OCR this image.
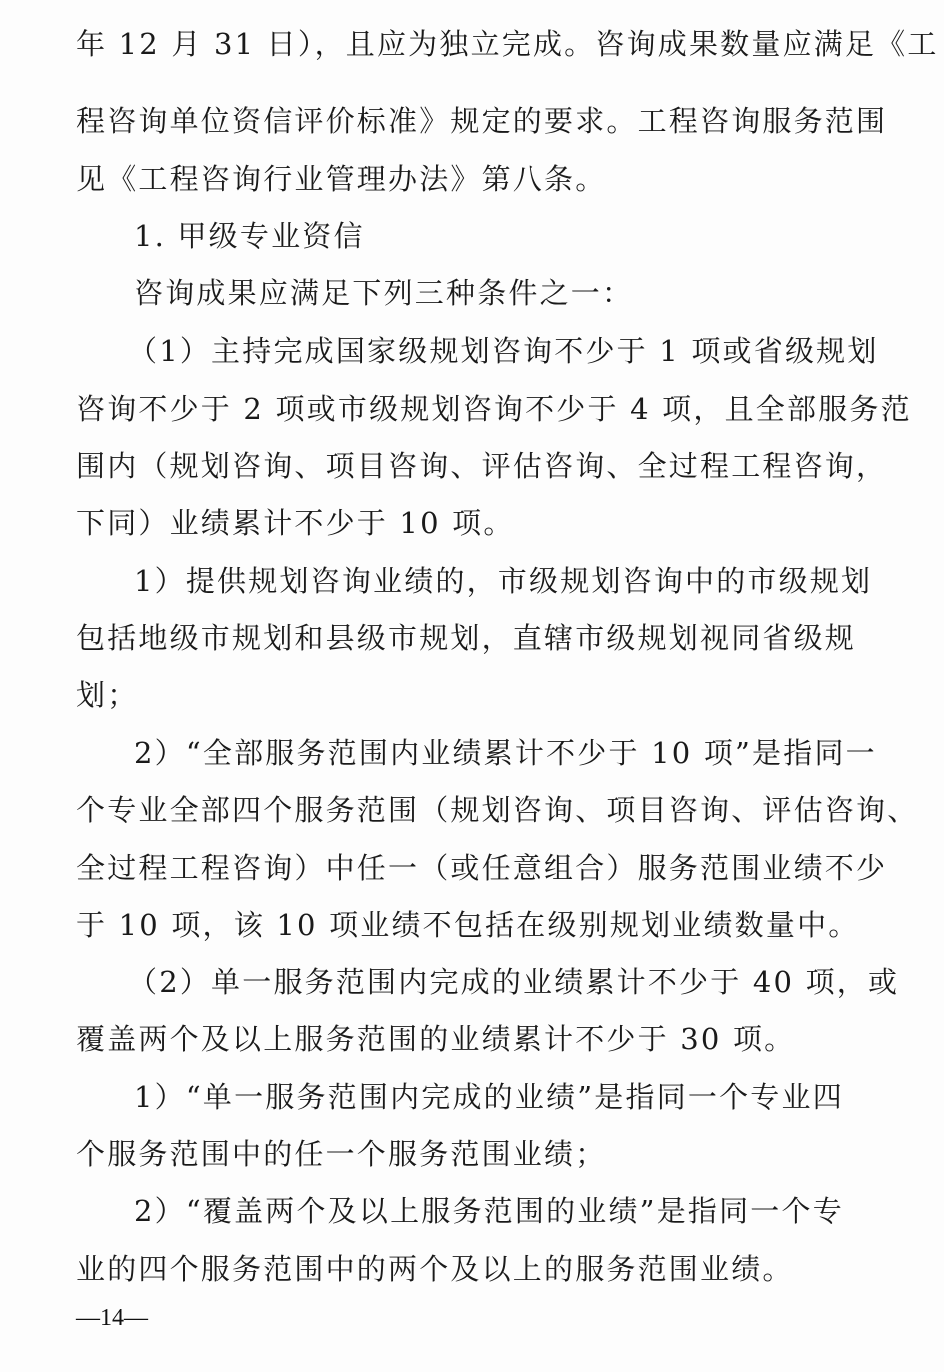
年 12 月 31 日），且应为独立完成。咨询成果数量应满足《工
程咨询单位资信评价标准》规定的要求。工程咨询服务范围
见《工程咨询行业管理办法》第八条。
1. 甲级专业资信
咨询成果应满足下列三种条件之一：
（1）主持完成国家级规划咨询不少于 1 项或省级规划
咨询不少于 2 项或市级规划咨询不少于 4 项，且全部服务范
围内（规划咨询、项目咨询、评估咨询、全过程工程咨询，
下同）业绩累计不少于 10 项。
1）提供规划咨询业绩的，市级规划咨询中的市级规划
包括地级市规划和县级市规划，直辖市级规划视同省级规
划；
2）“全部服务范围内业绩累计不少于 10 项”是指同一
个专业全部四个服务范围（规划咨询、项目咨询、评估咨询、
全过程工程咨询）中任一（或任意组合）服务范围业绩不少
于 10 项，该 10 项业绩不包括在级别规划业绩数量中。
（2）单一服务范围内完成的业绩累计不少于 40 项，或
覆盖两个及以上服务范围的业绩累计不少于 30 项。
1）“单一服务范围内完成的业绩”是指同一个专业四
个服务范围中的任一个服务范围业绩；
2）“覆盖两个及以上服务范围的业绩”是指同一个专
业的四个服务范围中的两个及以上的服务范围业绩。
—14—
